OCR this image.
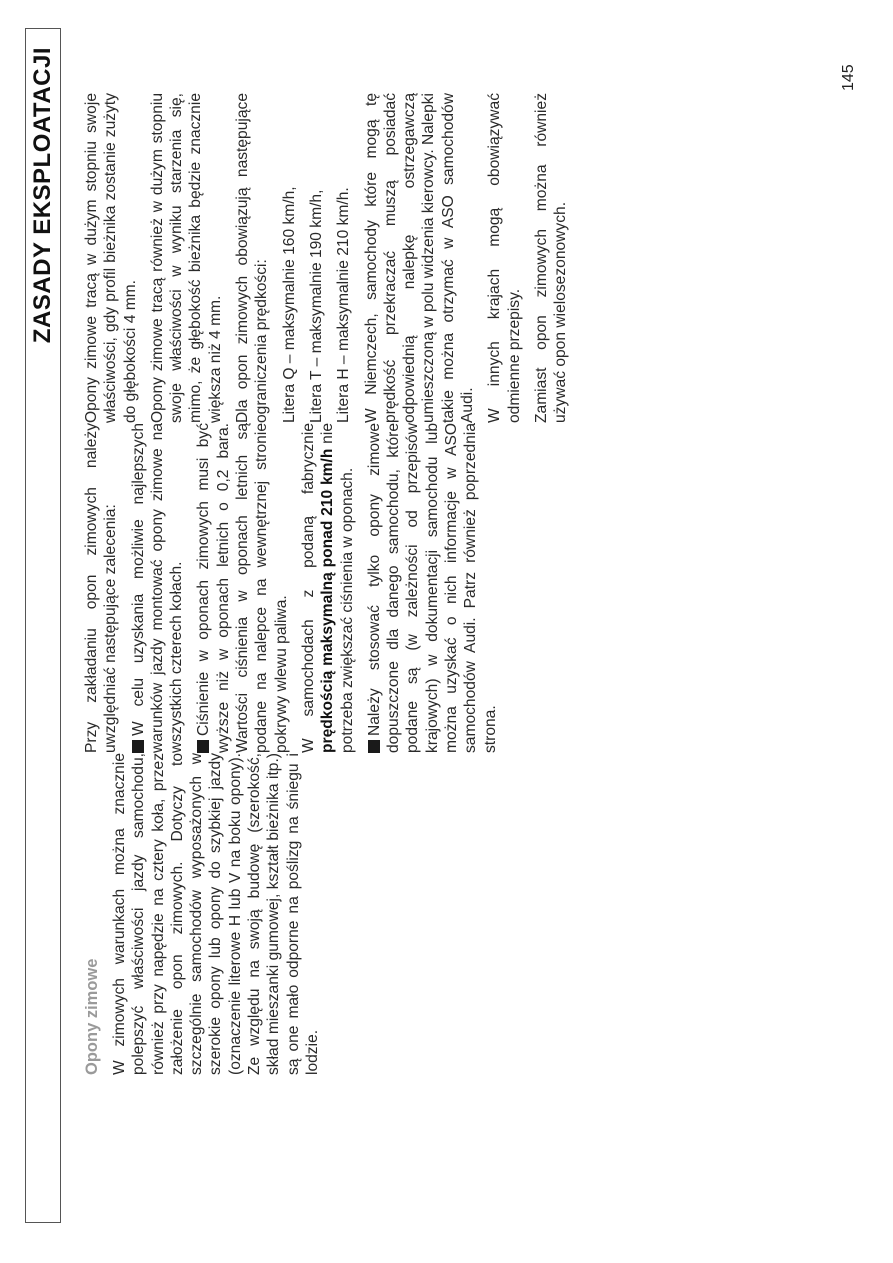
ZASADY EKSPLOATACJI

Opony zimowe W zimowych warunkach można znacznie polepszyć właściwości jazdy samochodu, również przy napędzie na cztery koła, przez założenie opon zimowych. Dotyczy to szczególnie samochodów wyposażonych w szerokie opony lub opony do szybkiej jazdy (oznaczenie literowe H lub V na boku opony). Ze względu na swoją budowę (szerokość, skład mieszanki gumowej, kształt bieżnika itp.) są one mało odporne na poślizg na śniegu i lodzie.

Przy zakładaniu opon zimowych należy uwzględniać następujące zalecenia: W celu uzyskania możliwie najlepszych warunków jazdy montować opony zimowe na wszystkich czterech kołach. Ciśnienie w oponach zimowych musi być wyższe niż w oponach letnich o 0,2 bara. Wartości ciśnienia w oponach letnich są podane na nalepce na wewnętrznej stronie pokrywy wlewu paliwa. W samochodach z podaną fabrycznie prędkością maksymalną ponad 210 km/h nie potrzeba zwiększać ciśnienia w oponach. Należy stosować tylko opony zimowe dopuszczone dla danego samochodu, które podane są (w zależności od przepisów krajowych) w dokumentacji samochodu lub można uzyskać o nich informacje w ASO samochodów Audi. Patrz również poprzednia strona.

Opony zimowe tracą w dużym stopniu swoje właściwości, gdy profil bieżnika zostanie zużyty do głębokości 4 mm. Opony zimowe tracą również w dużym stopniu swoje właściwości w wyniku starzenia się, mimo, że głębokość bieżnika będzie znacznie większa niż 4 mm. Dla opon zimowych obowiązują następujące ograniczenia prędkości: Litera Q – maksymalnie 160 km/h, Litera T – maksymalnie 190 km/h, Litera H – maksymalnie 210 km/h. W Niemczech, samochody które mogą tę prędkość przekraczać muszą posiadać odpowiednią nalepkę ostrzegawczą umieszczoną w polu widzenia kierowcy. Nalepki takie można otrzymać w ASO samochodów Audi. W innych krajach mogą obowiązywać odmienne przepisy. Zamiast opon zimowych można również używać opon wielosezonowych.

145
